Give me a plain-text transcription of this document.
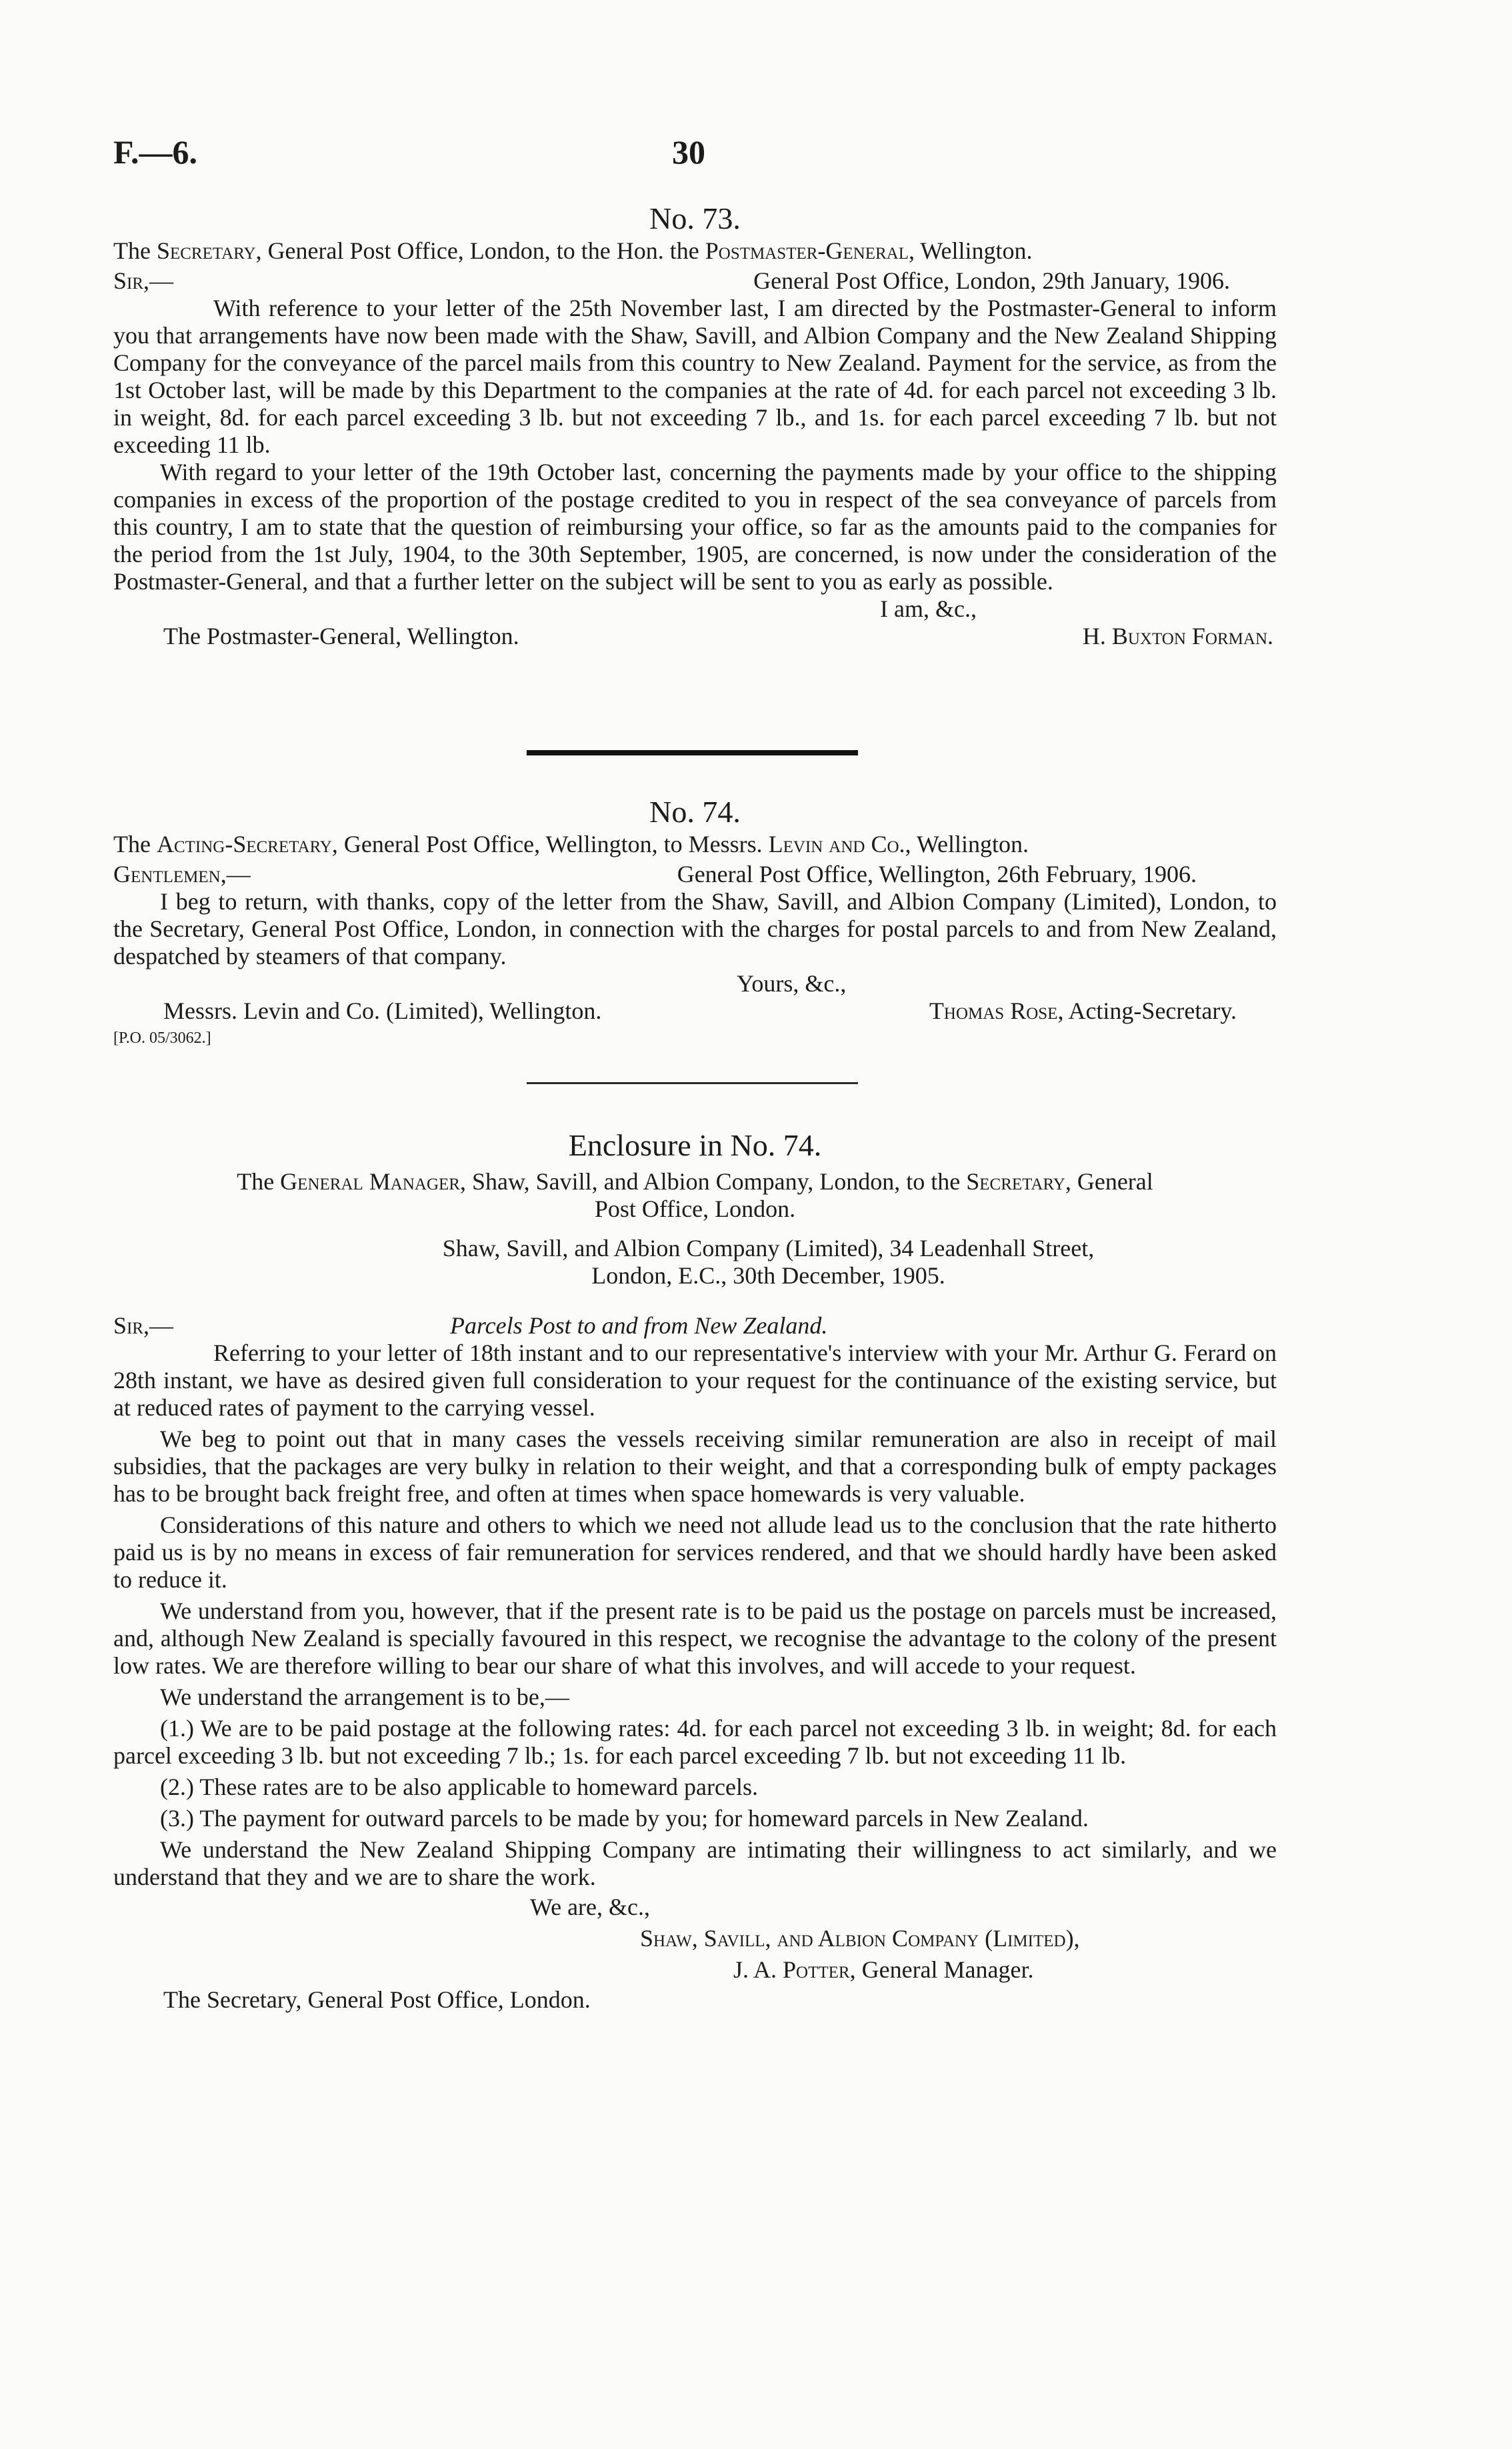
F.—6.	30
No. 73.
The Secretary, General Post Office, London, to the Hon. the Postmaster-General, Wellington.
Sir,—	General Post Office, London, 29th January, 1906.

With reference to your letter of the 25th November last, I am directed by the Postmaster-General to inform you that arrangements have now been made with the Shaw, Savill, and Albion Company and the New Zealand Shipping Company for the conveyance of the parcel mails from this country to New Zealand. Payment for the service, as from the 1st October last, will be made by this Department to the companies at the rate of 4d. for each parcel not exceeding 3 lb. in weight, 8d. for each parcel exceeding 3 lb. but not exceeding 7 lb., and 1s. for each parcel exceeding 7 lb. but not exceeding 11 lb.

With regard to your letter of the 19th October last, concerning the payments made by your office to the shipping companies in excess of the proportion of the postage credited to you in respect of the sea conveyance of parcels from this country, I am to state that the question of reimbursing your office, so far as the amounts paid to the companies for the period from the 1st July, 1904, to the 30th September, 1905, are concerned, is now under the consideration of the Postmaster-General, and that a further letter on the subject will be sent to you as early as possible.

I am, &c.,
The Postmaster-General, Wellington.	H. Buxton Forman.
No. 74.
The Acting-Secretary, General Post Office, Wellington, to Messrs. Levin and Co., Wellington.
Gentlemen,—	General Post Office, Wellington, 26th February, 1906.

I beg to return, with thanks, copy of the letter from the Shaw, Savill, and Albion Company (Limited), London, to the Secretary, General Post Office, London, in connection with the charges for postal parcels to and from New Zealand, despatched by steamers of that company.

Yours, &c.,
Messrs. Levin and Co. (Limited), Wellington.	Thomas Rose, Acting-Secretary.
[P.O. 05/3062.]
Enclosure in No. 74.
The General Manager, Shaw, Savill, and Albion Company, London, to the Secretary, General
Post Office, London.
Shaw, Savill, and Albion Company (Limited), 34 Leadenhall Street,
London, E.C., 30th December, 1905.
Sir,—	Parcels Post to and from New Zealand.

Referring to your letter of 18th instant and to our representative's interview with your Mr. Arthur G. Ferard on 28th instant, we have as desired given full consideration to your request for the continuance of the existing service, but at reduced rates of payment to the carrying vessel.

We beg to point out that in many cases the vessels receiving similar remuneration are also in receipt of mail subsidies, that the packages are very bulky in relation to their weight, and that a corresponding bulk of empty packages has to be brought back freight free, and often at times when space homewards is very valuable.

Considerations of this nature and others to which we need not allude lead us to the conclusion that the rate hitherto paid us is by no means in excess of fair remuneration for services rendered, and that we should hardly have been asked to reduce it.

We understand from you, however, that if the present rate is to be paid us the postage on parcels must be increased, and, although New Zealand is specially favoured in this respect, we recognise the advantage to the colony of the present low rates. We are therefore willing to bear our share of what this involves, and will accede to your request.

We understand the arrangement is to be,—

(1.) We are to be paid postage at the following rates: 4d. for each parcel not exceeding 3 lb. in weight; 8d. for each parcel exceeding 3 lb. but not exceeding 7 lb.; 1s. for each parcel exceeding 7 lb. but not exceeding 11 lb.

(2.) These rates are to be also applicable to homeward parcels.

(3.) The payment for outward parcels to be made by you; for homeward parcels in New Zealand.

We understand the New Zealand Shipping Company are intimating their willingness to act similarly, and we understand that they and we are to share the work.

We are, &c.,
Shaw, Savill, and Albion Company (Limited),
J. A. Potter, General Manager.
The Secretary, General Post Office, London.
